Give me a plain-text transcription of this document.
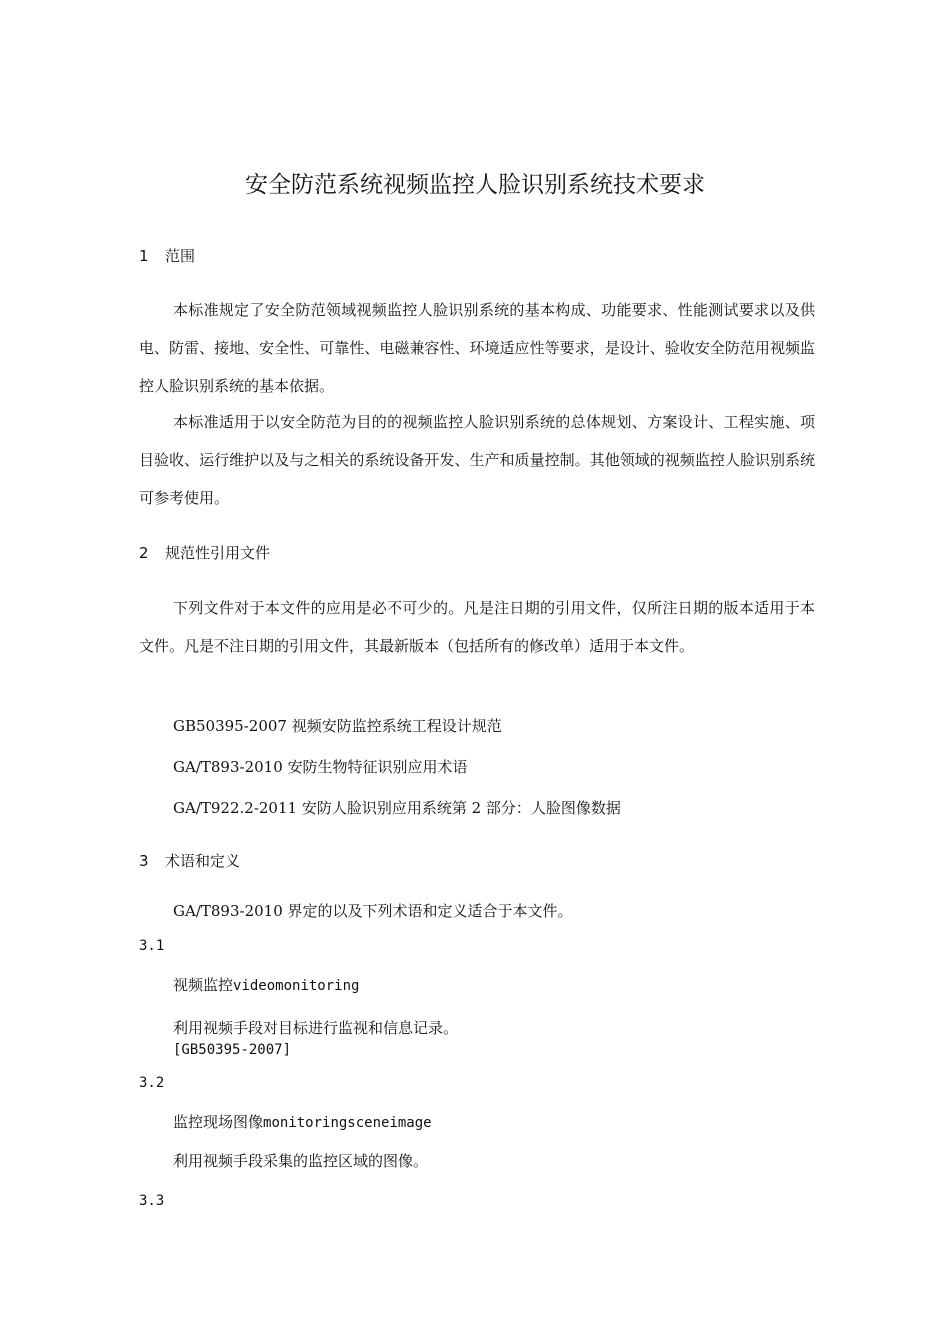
安全防范系统视频监控人脸识别系统技术要求
1 范围
本标准规定了安全防范领域视频监控人脸识别系统的基本构成、功能要求、性能测试要求以及供电、防雷、接地、安全性、可靠性、电磁兼容性、环境适应性等要求，是设计、验收安全防范用视频监控人脸识别系统的基本依据。
本标准适用于以安全防范为目的的视频监控人脸识别系统的总体规划、方案设计、工程实施、项目验收、运行维护以及与之相关的系统设备开发、生产和质量控制。其他领域的视频监控人脸识别系统可参考使用。
2 规范性引用文件
下列文件对于本文件的应用是必不可少的。凡是注日期的引用文件，仅所注日期的版本适用于本文件。凡是不注日期的引用文件，其最新版本（包括所有的修改单）适用于本文件。
GB50395-2007 视频安防监控系统工程设计规范
GA/T893-2010 安防生物特征识别应用术语
GA/T922.2-2011 安防人脸识别应用系统第 2 部分：人脸图像数据
3 术语和定义
GA/T893-2010 界定的以及下列术语和定义适合于本文件。
3.1
视频监控videomonitoring
利用视频手段对目标进行监视和信息记录。
[GB50395-2007]
3.2
监控现场图像monitoringsceneimage
利用视频手段采集的监控区域的图像。
3.3
